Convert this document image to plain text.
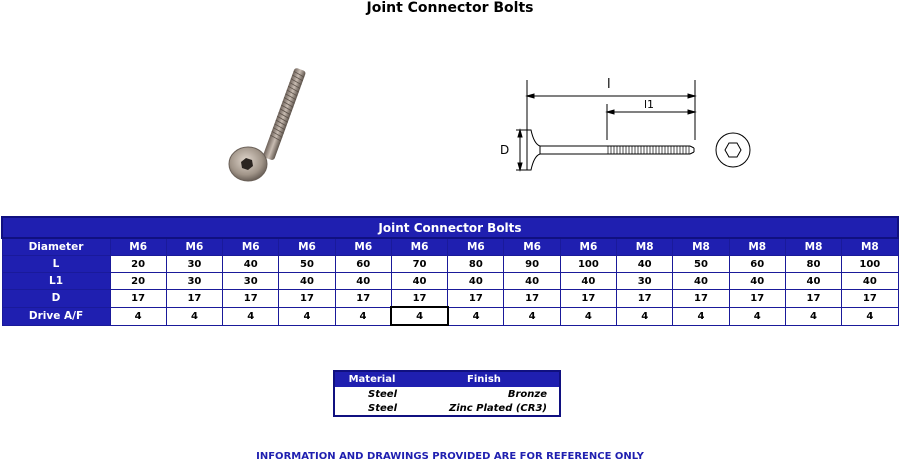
Joint Connector Bolts
l
l1
D
Joint Connector Bolts														
Diameter	M6	M6	M6	M6	M6	M6	M6	M6	M6	M8	M8	M8	M8	M8
L	20	30	40	50	60	70	80	90	100	40	50	60	80	100
L1	20	30	30	40	40	40	40	40	40	30	40	40	40	40
D	17	17	17	17	17	17	17	17	17	17	17	17	17	17
Drive A/F	4	4	4	4	4	4	4	4	4	4	4	4	4	4
Material	Finish
Steel	Bronze
Steel	Zinc Plated (CR3)
INFORMATION AND DRAWINGS PROVIDED ARE FOR REFERENCE ONLY
